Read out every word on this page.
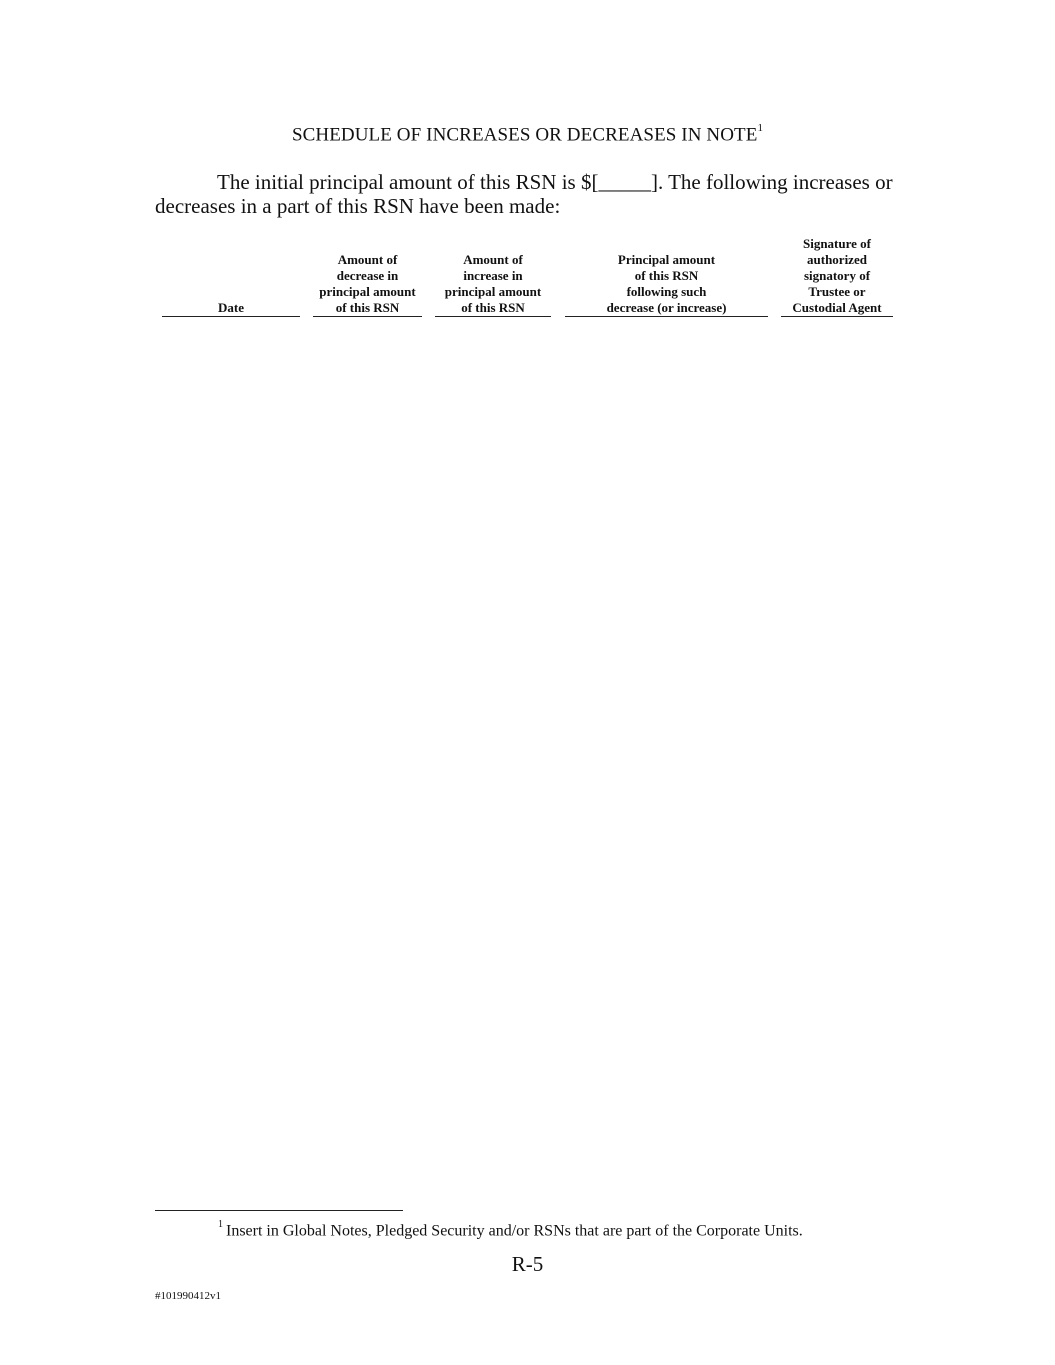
SCHEDULE OF INCREASES OR DECREASES IN NOTE$^1$
The initial principal amount of this RSN is $[_____]. The following increases or decreases in a part of this RSN have been made:
Date
Amount of
decrease in
principal amount
of this RSN
Amount of
increase in
principal amount
of this RSN
Principal amount
of this RSN
following such
decrease (or increase)
Signature of
authorized
signatory of
Trustee or
Custodial Agent
$^1$ Insert in Global Notes, Pledged Security and/or RSNs that are part of the Corporate Units.
R-5
#101990412v1
